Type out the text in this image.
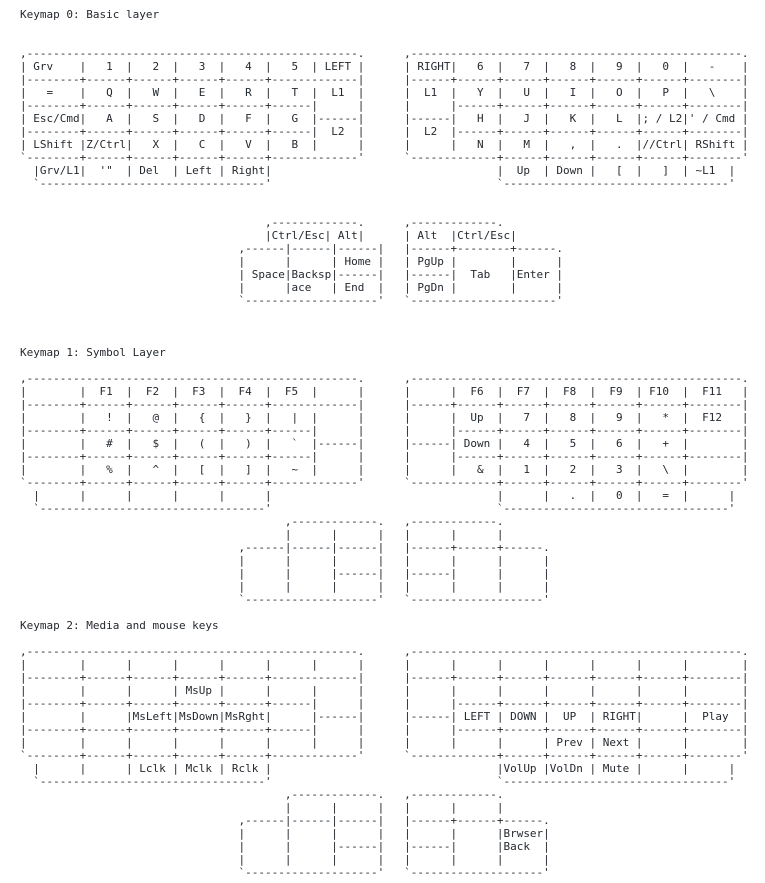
Keymap 0: Basic layer
,--------------------------------------------------.      ,--------------------------------------------------.
| Grv    |   1  |   2  |   3  |   4  |   5  | LEFT |      | RIGHT|   6  |   7  |   8  |   9  |   0  |   -    |
|--------+------+------+------+------+-------------|      |------+------+------+------+------+------+--------|
|   =    |   Q  |   W  |   E  |   R  |   T  |  L1  |      |  L1  |   Y  |   U  |   I  |   O  |   P  |   \    |
|--------+------+------+------+------+------|      |      |      |------+------+------+------+------+--------|
| Esc/Cmd|   A  |   S  |   D  |   F  |   G  |------|      |------|   H  |   J  |   K  |   L  |; / L2|' / Cmd |
|--------+------+------+------+------+------|  L2  |      |  L2  |------+------+------+------+------+--------|
| LShift |Z/Ctrl|   X  |   C  |   V  |   B  |      |      |      |   N  |   M  |   ,  |   .  |//Ctrl| RShift |
`--------+------+------+------+------+-------------'      `-------------+------+------+------+------+--------'
|Grv/L1|  '"  | Del  | Left | Right|                                  |  Up  | Down |   [  |   ]  | ~L1  |
`----------------------------------'                                  `----------------------------------'

,-------------.      ,-------------.
|Ctrl/Esc| Alt|      | Alt  |Ctrl/Esc|
,------|------|------|   |------+--------+------.
|      |      | Home |   | PgUp |        |      |
| Space|Backsp|------|   |------|  Tab   |Enter |
|      |ace   | End  |   | PgDn |        |      |
`--------------------'   `----------------------'
Keymap 1: Symbol Layer
,--------------------------------------------------.      ,--------------------------------------------------.
|        |  F1  |  F2  |  F3  |  F4  |  F5  |      |      |      |  F6  |  F7  |  F8  |  F9  | F10  |  F11   |
|--------+------+------+------+------+-------------|      |------+------+------+------+------+------+--------|
|        |   !  |   @  |   {  |   }  |   |  |      |      |      |  Up  |   7  |   8  |   9  |   *  |  F12   |
|--------+------+------+------+------+------|      |      |      |------+------+------+------+------+--------|
|        |   #  |   $  |   (  |   )  |   `  |------|      |------| Down |   4  |   5  |   6  |   +  |        |
|--------+------+------+------+------+------|      |      |      |------+------+------+------+------+--------|
|        |   %  |   ^  |   [  |   ]  |   ~  |      |      |      |   &  |   1  |   2  |   3  |   \  |        |
`--------+------+------+------+------+-------------'      `-------------+------+------+------+------+--------'
|      |      |      |      |      |                                  |      |   .  |   0  |   =  |      |
`----------------------------------'                                  `----------------------------------'
,-------------.   ,-------------.
|      |      |   |      |      |
,------|------|------|   |------+------+------.
|      |      |      |   |      |      |      |
|      |      |------|   |------|      |      |
|      |      |      |   |      |      |      |
`--------------------'   `--------------------'
Keymap 2: Media and mouse keys
,--------------------------------------------------.      ,--------------------------------------------------.
|        |      |      |      |      |      |      |      |      |      |      |      |      |      |        |
|--------+------+------+------+------+-------------|      |------+------+------+------+------+------+--------|
|        |      |      | MsUp |      |      |      |      |      |      |      |      |      |      |        |
|--------+------+------+------+------+------|      |      |      |------+------+------+------+------+--------|
|        |      |MsLeft|MsDown|MsRght|      |------|      |------| LEFT | DOWN |  UP  | RIGHT|      |  Play  |
|--------+------+------+------+------+------|      |      |      |------+------+------+------+------+--------|
|        |      |      |      |      |      |      |      |      |      |      | Prev | Next |      |        |
`--------+------+------+------+------+-------------'      `-------------+------+------+------+------+--------'
|      |      | Lclk | Mclk | Rclk |                                  |VolUp |VolDn | Mute |      |      |
`----------------------------------'                                  `----------------------------------'
,-------------.   ,-------------.
|      |      |   |      |      |
,------|------|------|   |------+------+------.
|      |      |      |   |      |      |Brwser|
|      |      |------|   |------|      |Back  |
|      |      |      |   |      |      |      |
`--------------------'   `--------------------'
